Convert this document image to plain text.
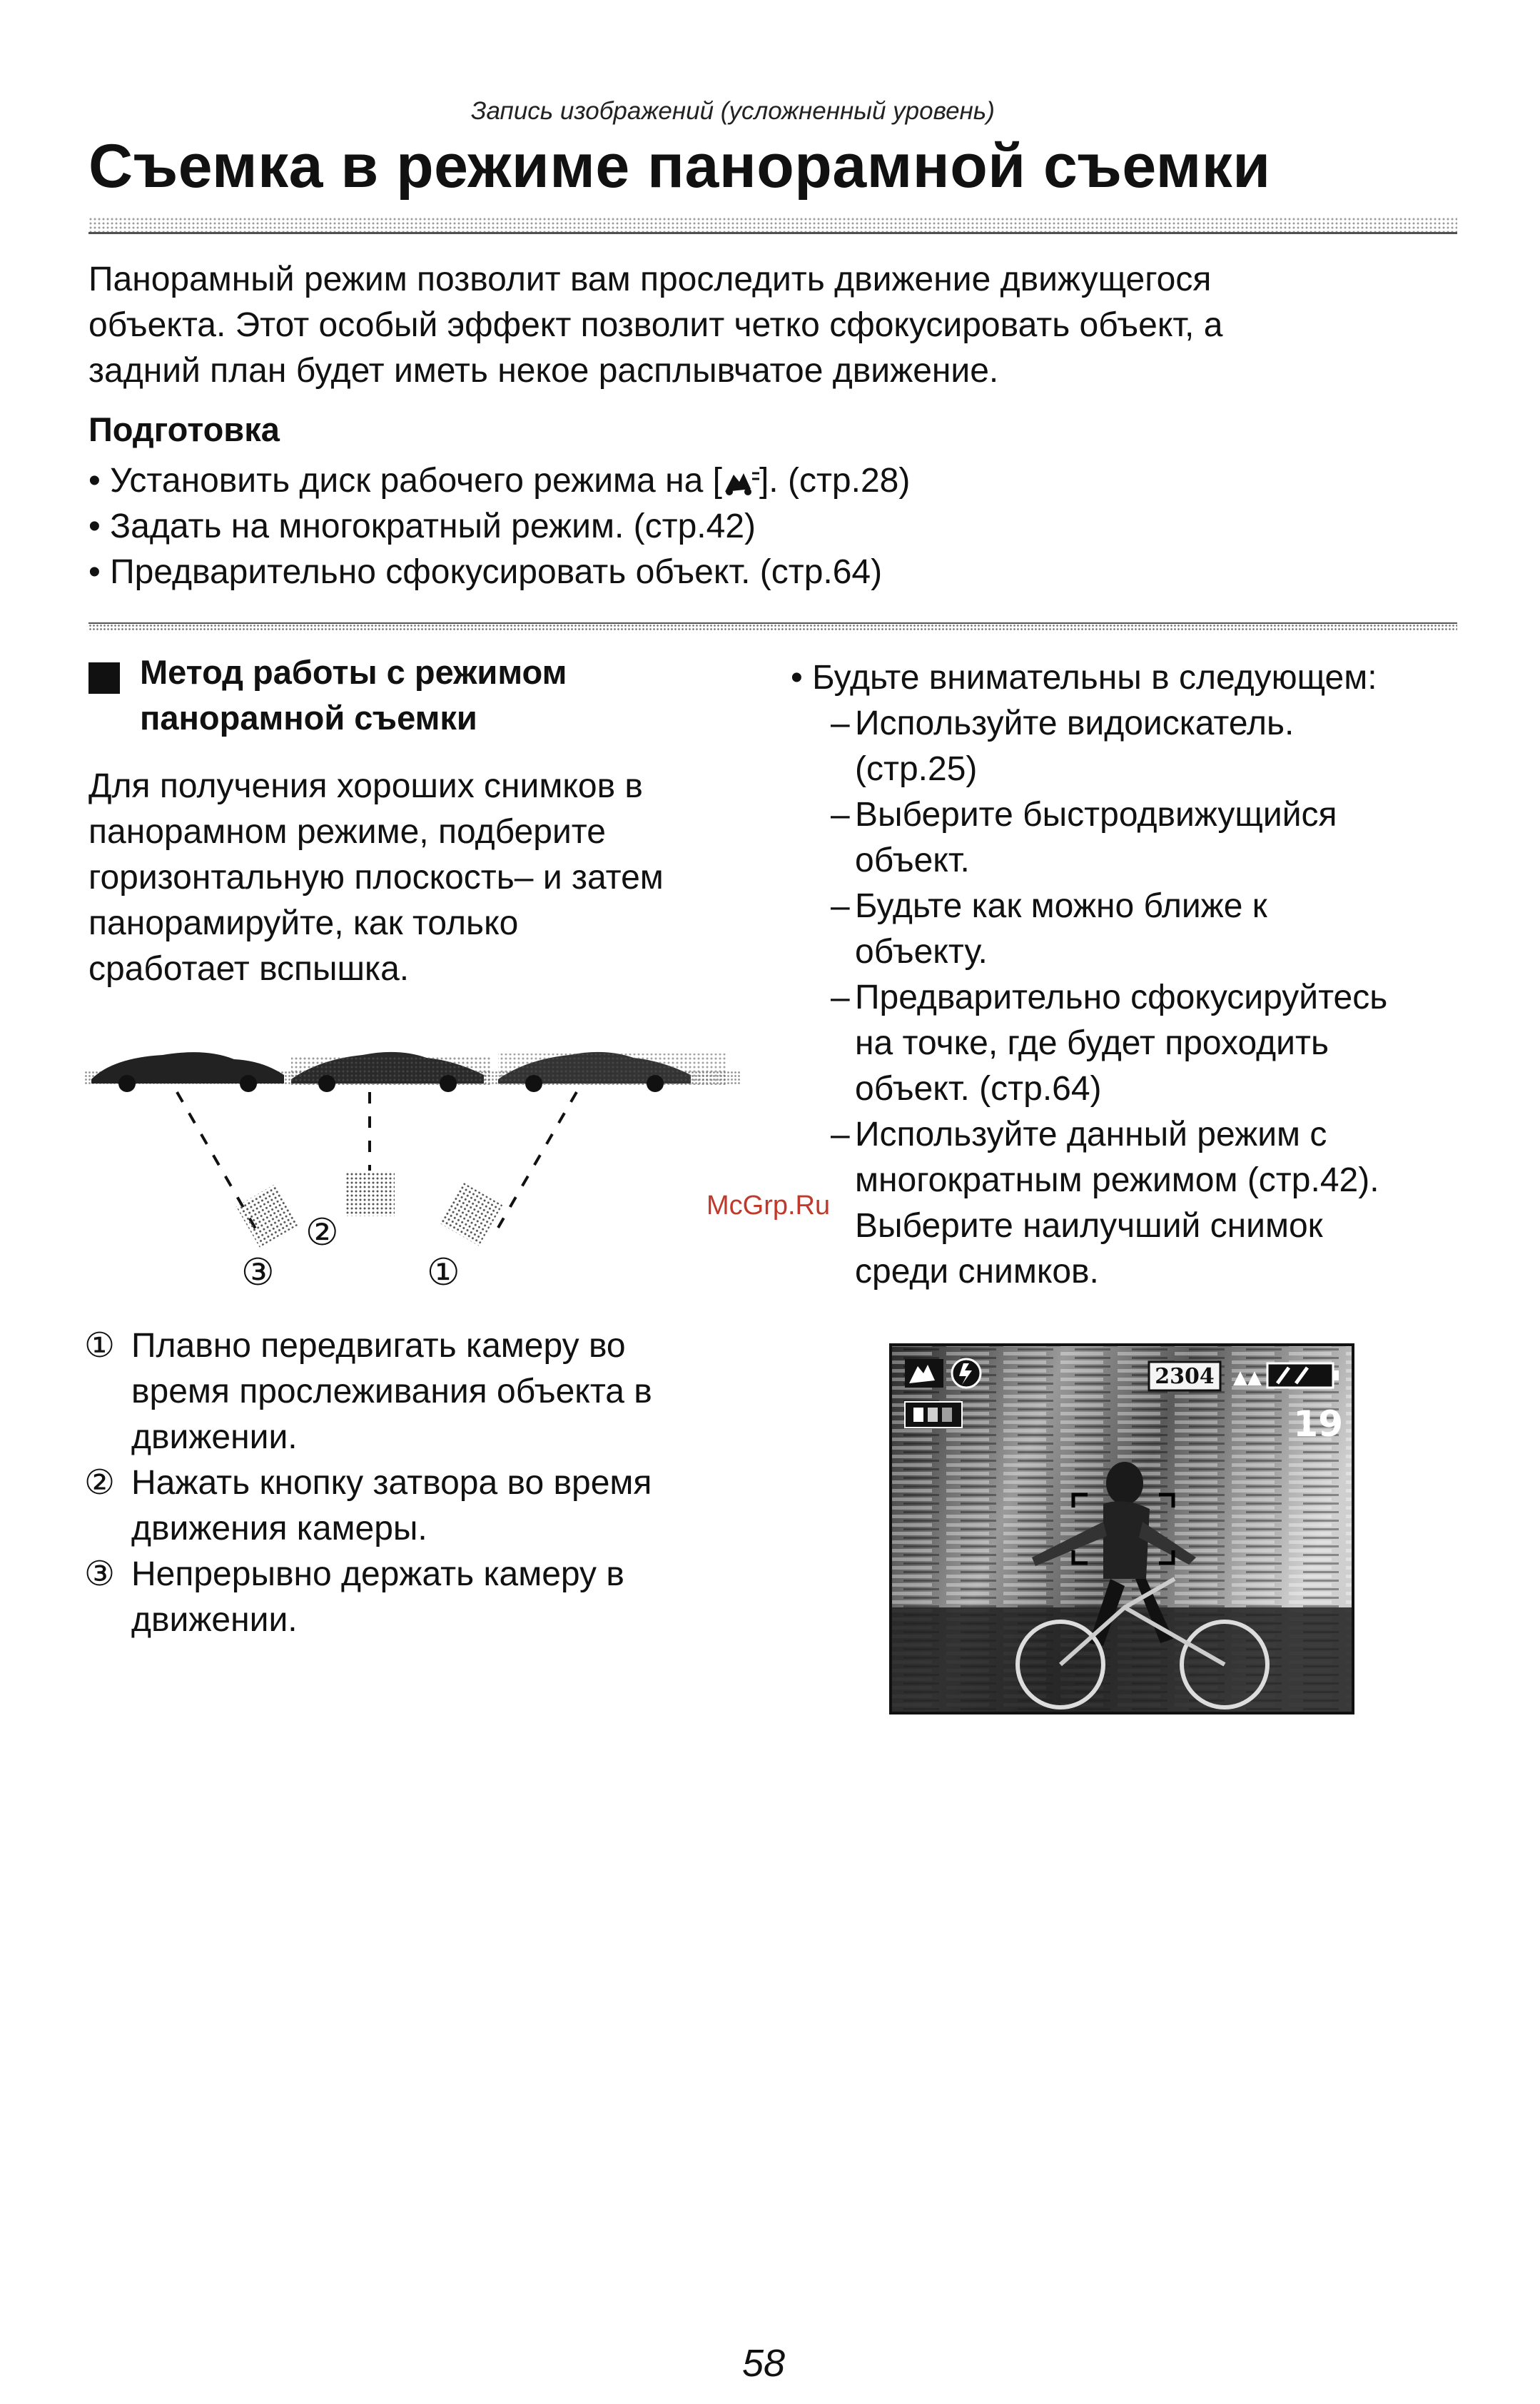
Запись изображений (усложненный уровень)
Съемка в режиме панорамной съемки
Панорамный режим позволит вам проследить движение движущегося
объекта. Этот особый эффект позволит четко сфокусировать объект, а
задний план будет иметь некое расплывчатое движение.
Подготовка
• Установить диск рабочего режима на [ ]. (стр.28)
• Задать на многократный режим. (стр.42)
• Предварительно сфокусировать объект. (стр.64)
Метод работы с режимом
панорамной съемки
Для получения хороших снимков в
панорамном режиме, подберите
горизонтальную плоскость– и затем
панорамируйте, как только
сработает вспышка.
②
③	①
① Плавно передвигать камеру во
время прослеживания объекта в
движении.
② Нажать кнопку затвора во время
движения камеры.
③ Непрерывно держать камеру в
движении.
• Будьте внимательны в следующем:
– Используйте видоискатель.
(стр.25)
– Выберите быстродвижущийся
объект.
– Будьте как можно ближе к
объекту.
– Предварительно сфокусируйтесь
на точке, где будет проходить
объект. (стр.64)
– Используйте данный режим с
многократным режимом (стр.42).
Выберите наилучший снимок
среди снимков.
McGrp.Ru
2304 ▲▲
19
58
